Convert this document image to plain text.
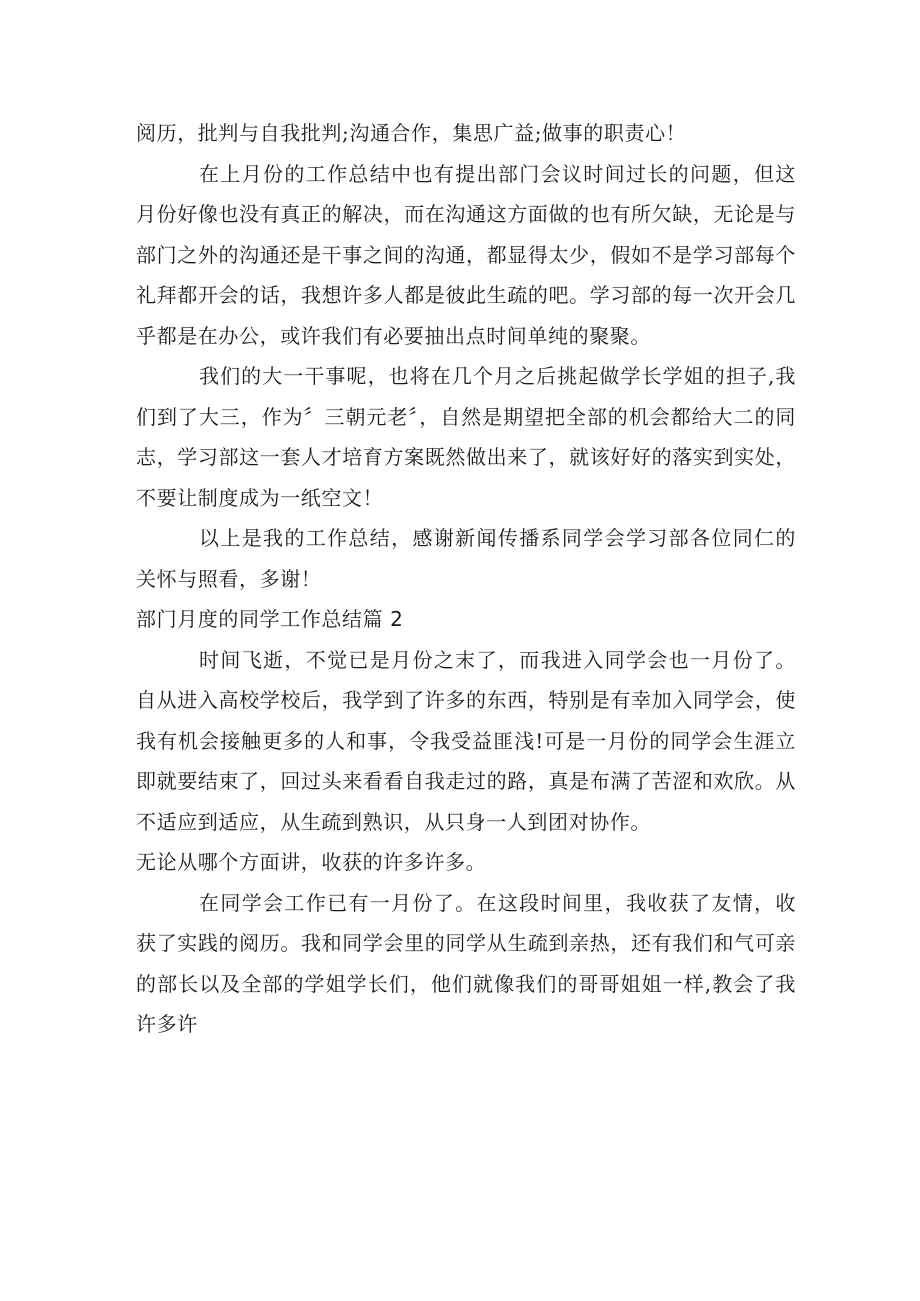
阅历，批判与自我批判;沟通合作，集思广益;做事的职责心！

在上月份的工作总结中也有提出部门会议时间过长的问题，但这月份好像也没有真正的解决，而在沟通这方面做的也有所欠缺，无论是与部门之外的沟通还是干事之间的沟通，都显得太少，假如不是学习部每个礼拜都开会的话，我想许多人都是彼此生疏的吧。学习部的每一次开会几乎都是在办公，或许我们有必要抽出点时间单纯的聚聚。

我们的大一干事呢，也将在几个月之后挑起做学长学姐的担子,我们到了大三，作为〞三朝元老〞，自然是期望把全部的机会都给大二的同志，学习部这一套人才培育方案既然做出来了，就该好好的落实到实处，不要让制度成为一纸空文！

以上是我的工作总结，感谢新闻传播系同学会学习部各位同仁的关怀与照看，多谢！

部门月度的同学工作总结篇 2

时间飞逝，不觉已是月份之末了，而我进入同学会也一月份了。自从进入高校学校后，我学到了许多的东西，特别是有幸加入同学会，使我有机会接触更多的人和事，令我受益匪浅!可是一月份的同学会生涯立即就要结束了，回过头来看看自我走过的路，真是布满了苦涩和欢欣。从不适应到适应，从生疏到熟识，从只身一人到团对协作。

无论从哪个方面讲，收获的许多许多。

在同学会工作已有一月份了。在这段时间里，我收获了友情，收获了实践的阅历。我和同学会里的同学从生疏到亲热，还有我们和气可亲的部长以及全部的学姐学长们，他们就像我们的哥哥姐姐一样,教会了我许多许
